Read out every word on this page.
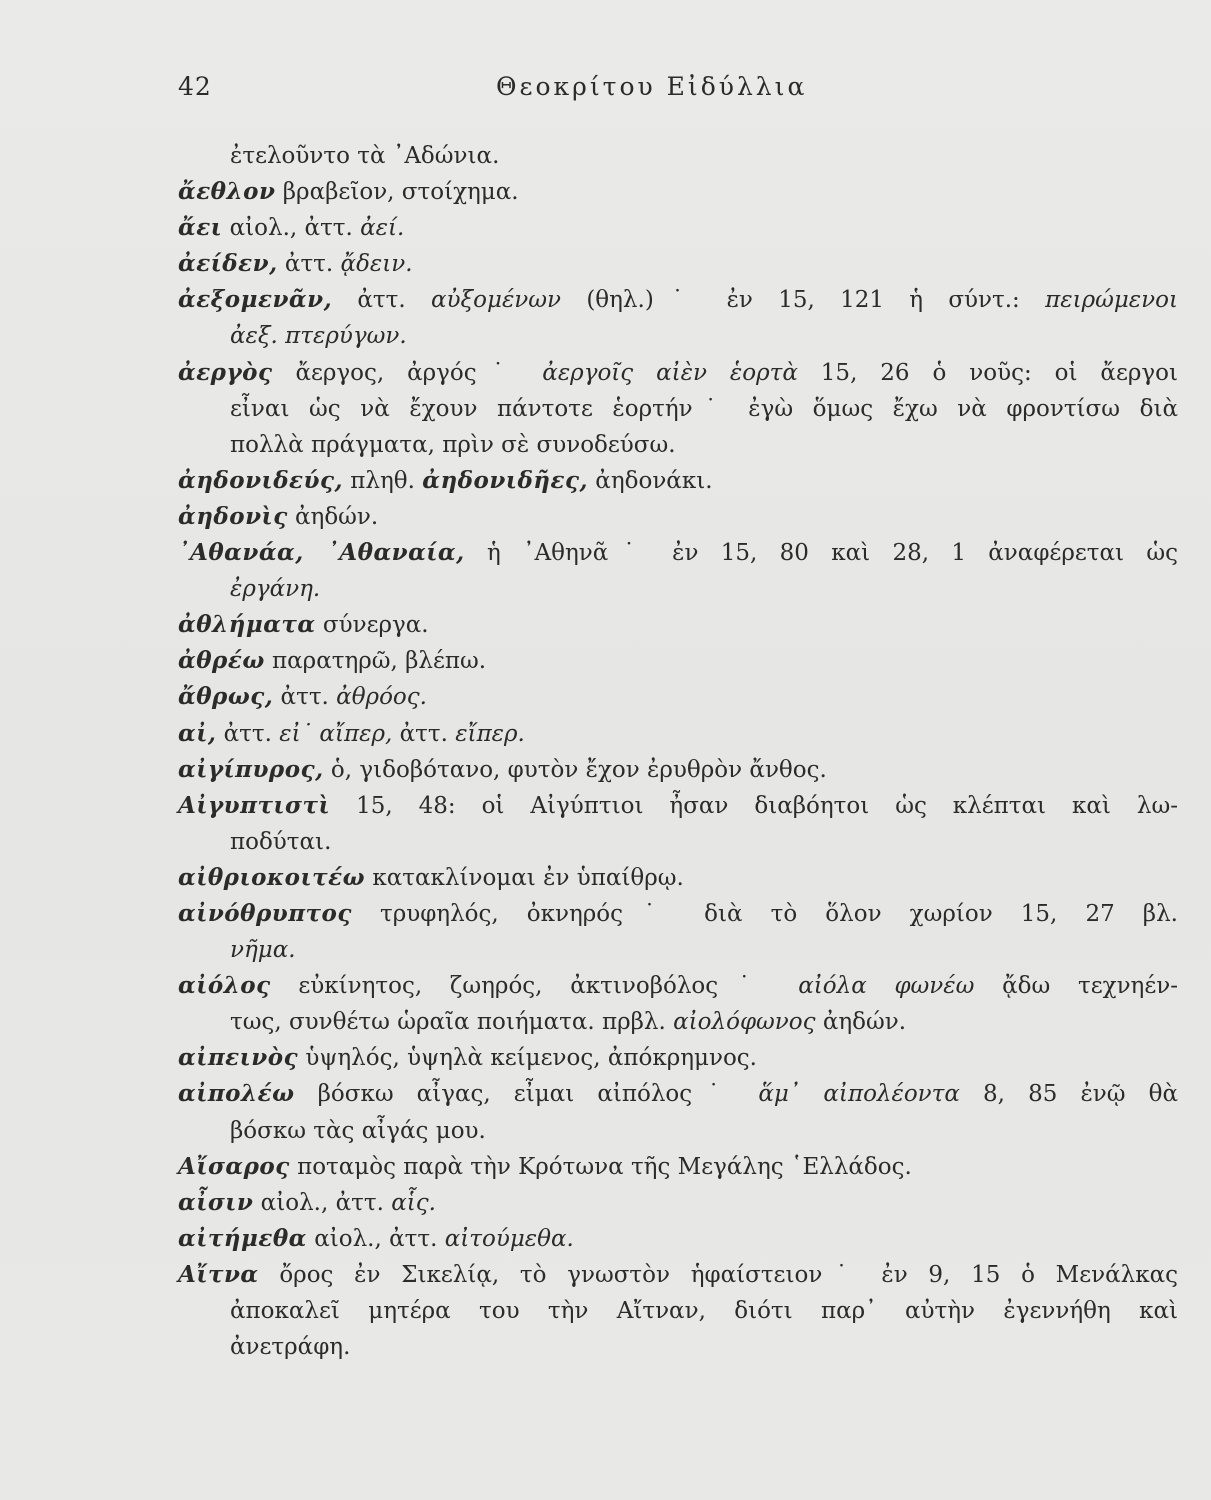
42	Θεοκρίτου Εἰδύλλια
ἐτελοῦντο τὰ ᾿Αδώνια.
ἄεθλον βραβεῖον, στοίχημα.
ἄει αἰολ., ἀττ. ἀεί.
ἀείδεν, ἀττ. ᾄδειν.
ἀεξομενᾶν, ἀττ. αὐξομένων (θηλ.)˙ ἐν 15, 121 ἡ σύντ.: πειρώμενοι
ἀεξ. πτερύγων.
ἀεργὸς ἄεργος, ἀργός˙ ἀεργοῖς αἰὲν ἑορτὰ 15, 26 ὁ νοῦς: οἱ ἄεργοι
εἶναι ὡς νὰ ἔχουν πάντοτε ἑορτήν˙ ἐγὼ ὅμως ἔχω νὰ φροντίσω διὰ
πολλὰ πράγματα, πρὶν σὲ συνοδεύσω.
ἀηδονιδεύς, πληθ. ἀηδονιδῆες, ἀηδονάκι.
ἀηδονὶς ἀηδών.
᾿Αθανάα, ᾿Αθαναία, ἡ ᾿Αθηνᾶ˙ ἐν 15, 80 καὶ 28, 1 ἀναφέρεται ὡς
ἐργάνη.
ἀθλήματα σύνεργα.
ἀθρέω παρατηρῶ, βλέπω.
ἄθρως, ἀττ. ἀθρόος.
αἰ, ἀττ. εἰ˙ αἴπερ, ἀττ. εἴπερ.
αἰγίπυρος, ὁ, γιδοβότανο, φυτὸν ἔχον ἐρυθρὸν ἄνθος.
Αἰγυπτιστὶ 15, 48: οἱ Αἰγύπτιοι ἦσαν διαβόητοι ὡς κλέπται καὶ λω-
ποδύται.
αἰθριοκοιτέω κατακλίνομαι ἐν ὑπαίθρῳ.
αἰνόθρυπτος τρυφηλός, ὀκνηρός˙ διὰ τὸ ὅλον χωρίον 15, 27 βλ.
νῆμα.
αἰόλος εὐκίνητος, ζωηρός, ἀκτινοβόλος˙ αἰόλα φωνέω ᾄδω τεχνηέν-
τως, συνθέτω ὡραῖα ποιήματα. πρβλ. αἰολόφωνος ἀηδών.
αἰπεινὸς ὑψηλός, ὑψηλὰ κείμενος, ἀπόκρημνος.
αἰπολέω βόσκω αἶγας, εἶμαι αἰπόλος˙ ἅμ᾿ αἰπολέοντα 8, 85 ἐνῷ θὰ
βόσκω τὰς αἶγάς μου.
Αἴσαρος ποταμὸς παρὰ τὴν Κρότωνα τῆς Μεγάλης ῾Ελλάδος.
αἶσιν αἰολ., ἀττ. αἷς.
αἰτήμεθα αἰολ., ἀττ. αἰτούμεθα.
Αἴτνα ὄρος ἐν Σικελίᾳ, τὸ γνωστὸν ἡφαίστειον˙ ἐν 9, 15 ὁ Μενάλκας
ἀποκαλεῖ μητέρα του τὴν Αἴτναν, διότι παρ᾿ αὐτὴν ἐγεννήθη καὶ
ἀνετράφη.
